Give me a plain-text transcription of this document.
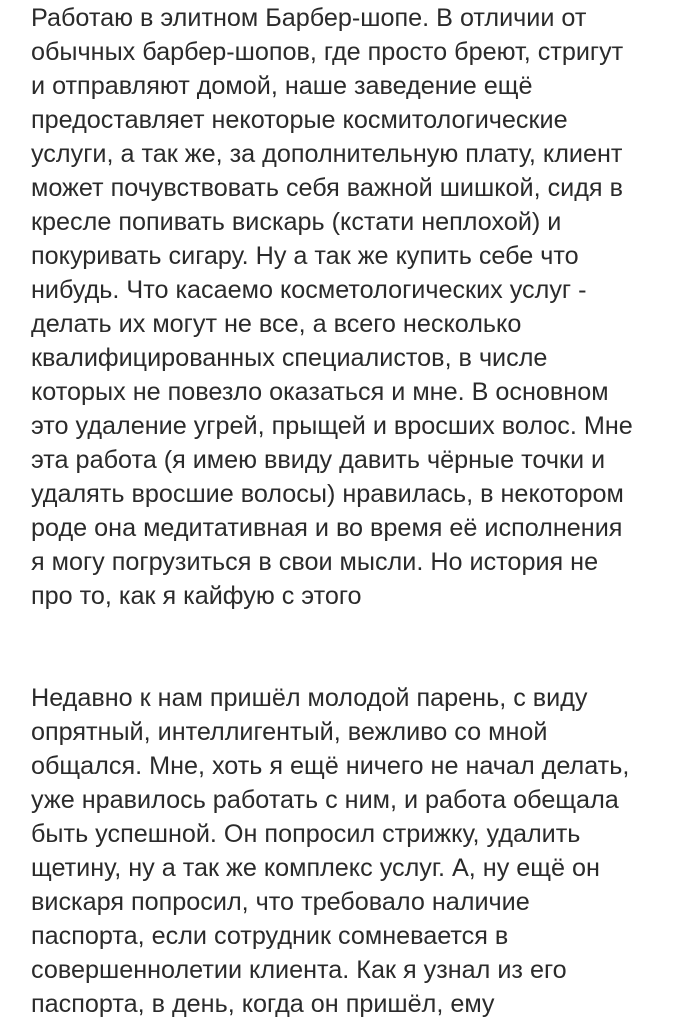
Работаю в элитном Барбер-шопе. В отличии от
обычных барбер-шопов, где просто бреют, стригут
и отправляют домой, наше заведение ещё
предоставляет некоторые космитологические
услуги, а так же, за дополнительную плату, клиент
может почувствовать себя важной шишкой, сидя в
кресле попивать вискарь (кстати неплохой) и
покуривать сигару. Ну а так же купить себе что
нибудь. Что касаемо косметологических услуг -
делать их могут не все, а всего несколько
квалифицированных специалистов, в числе
которых не повезло оказаться и мне. В основном
это удаление угрей, прыщей и вросших волос. Мне
эта работа (я имею ввиду давить чёрные точки и
удалять вросшие волосы) нравилась, в некотором
роде она медитативная и во время её исполнения
я могу погрузиться в свои мысли. Но история не
про то, как я кайфую с этого
Недавно к нам пришёл молодой парень, с виду
опрятный, интеллигентый, вежливо со мной
общался. Мне, хоть я ещё ничего не начал делать,
уже нравилось работать с ним, и работа обещала
быть успешной. Он попросил стрижку, удалить
щетину, ну а так же комплекс услуг. А, ну ещё он
вискаря попросил, что требовало наличие
паспорта, если сотрудник сомневается в
совершеннолетии клиента. Как я узнал из его
паспорта, в день, когда он пришёл, ему
